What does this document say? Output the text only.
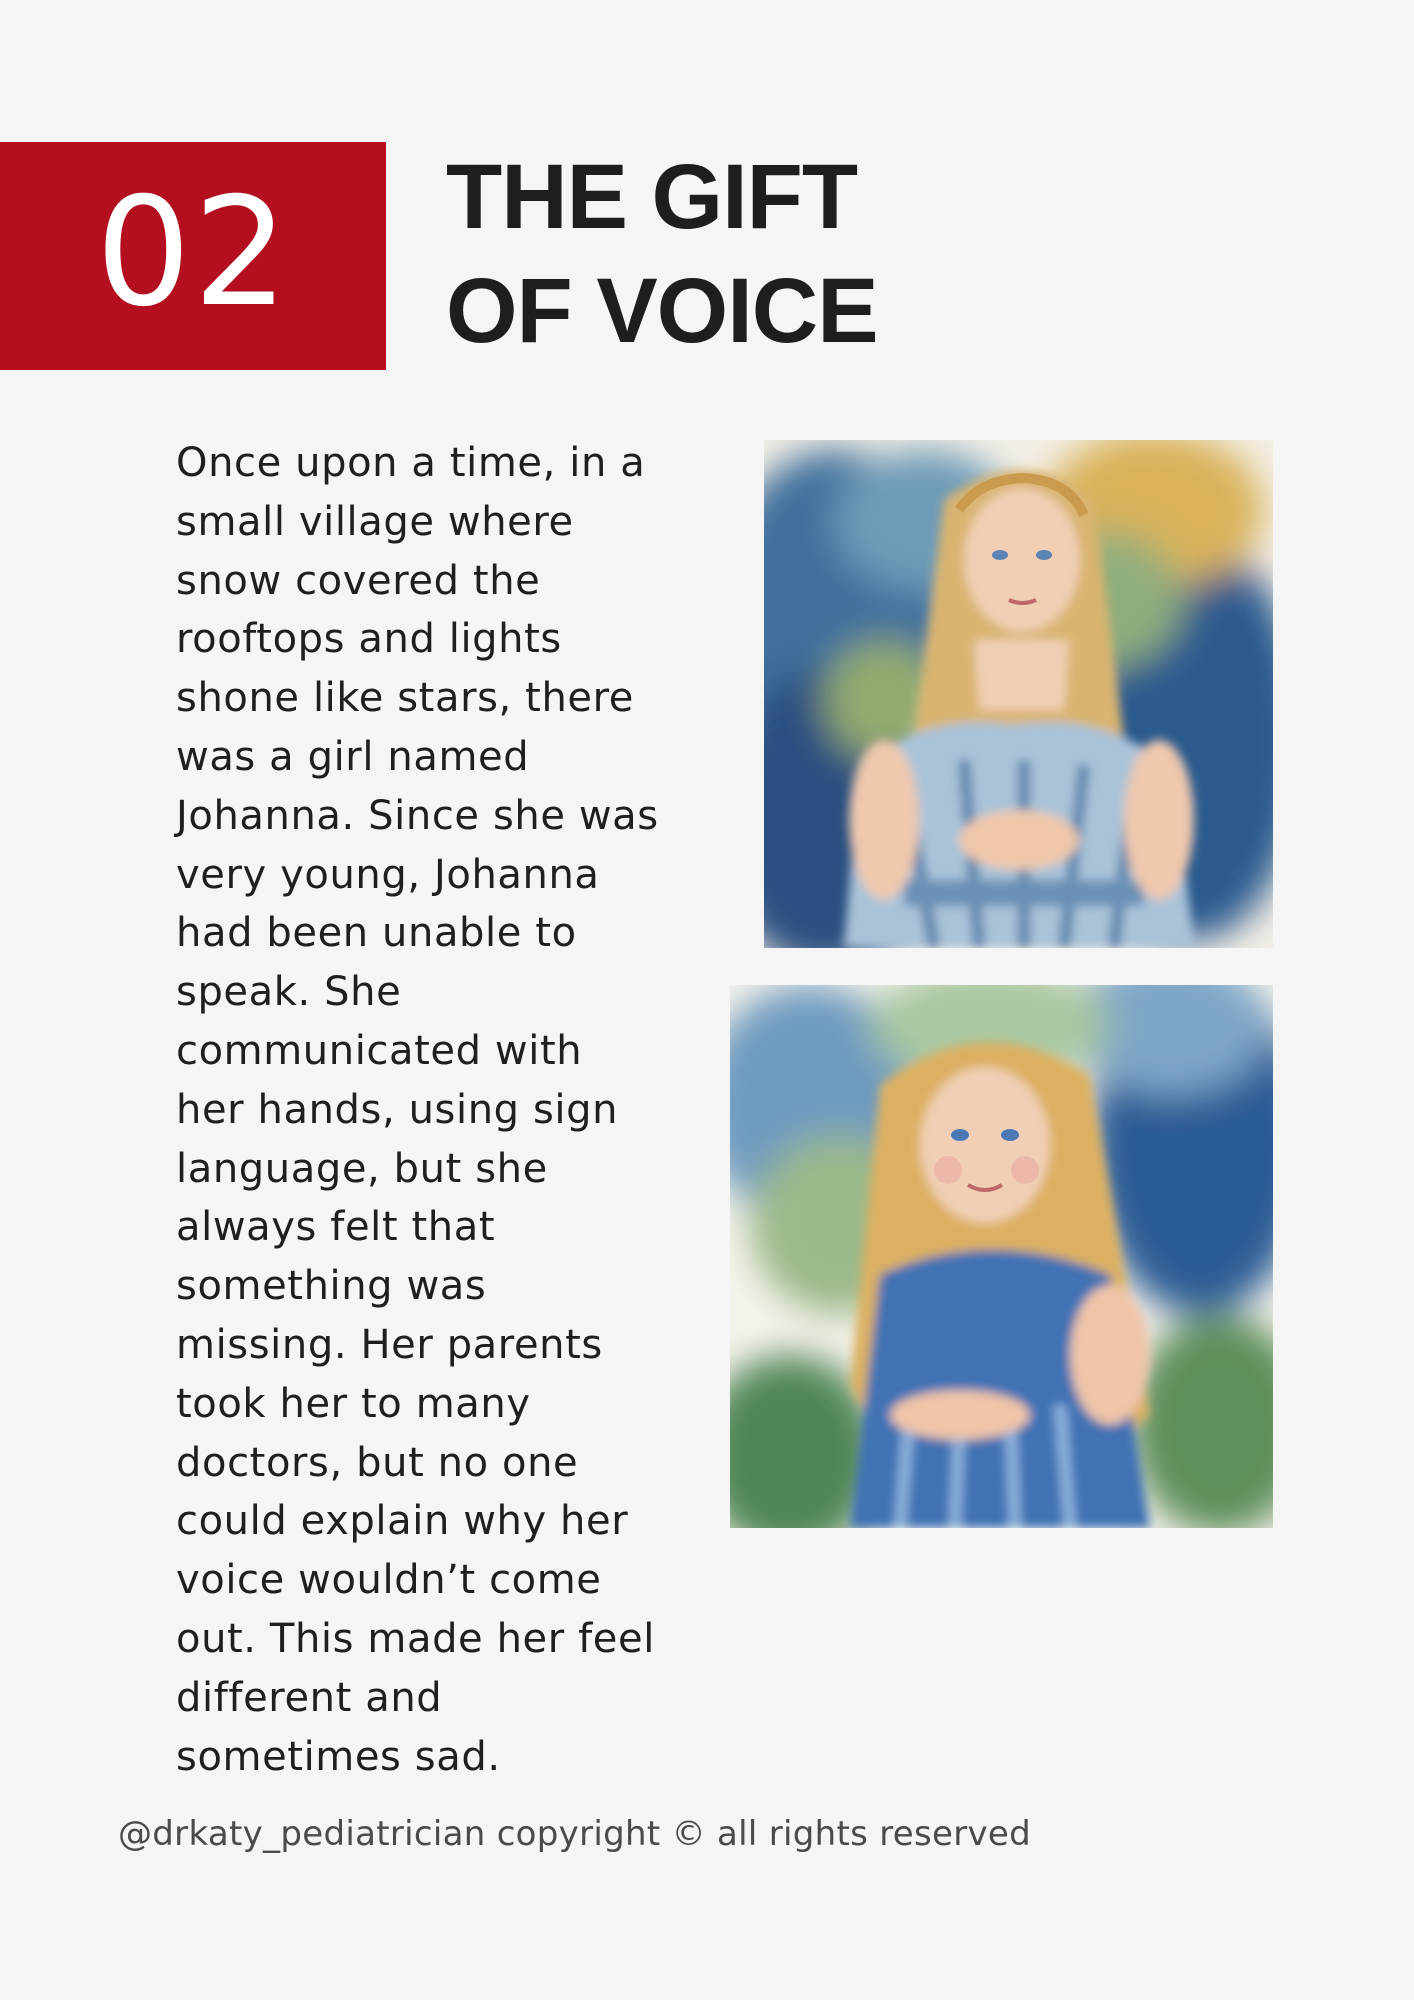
02 THE GIFT
OF VOICE

Once upon a time, in a
small village where
snow covered the
rooftops and lights
shone like stars, there
was a girl named
Johanna. Since she was
very young, Johanna
had been unable to
speak. She
communicated with
her hands, using sign
language, but she
always felt that
something was
missing. Her parents
took her to many
doctors, but no one
could explain why her
voice wouldn’t come
out. This made her feel
different and
sometimes sad.

@drkaty_pediatrician copyright © all rights reserved
